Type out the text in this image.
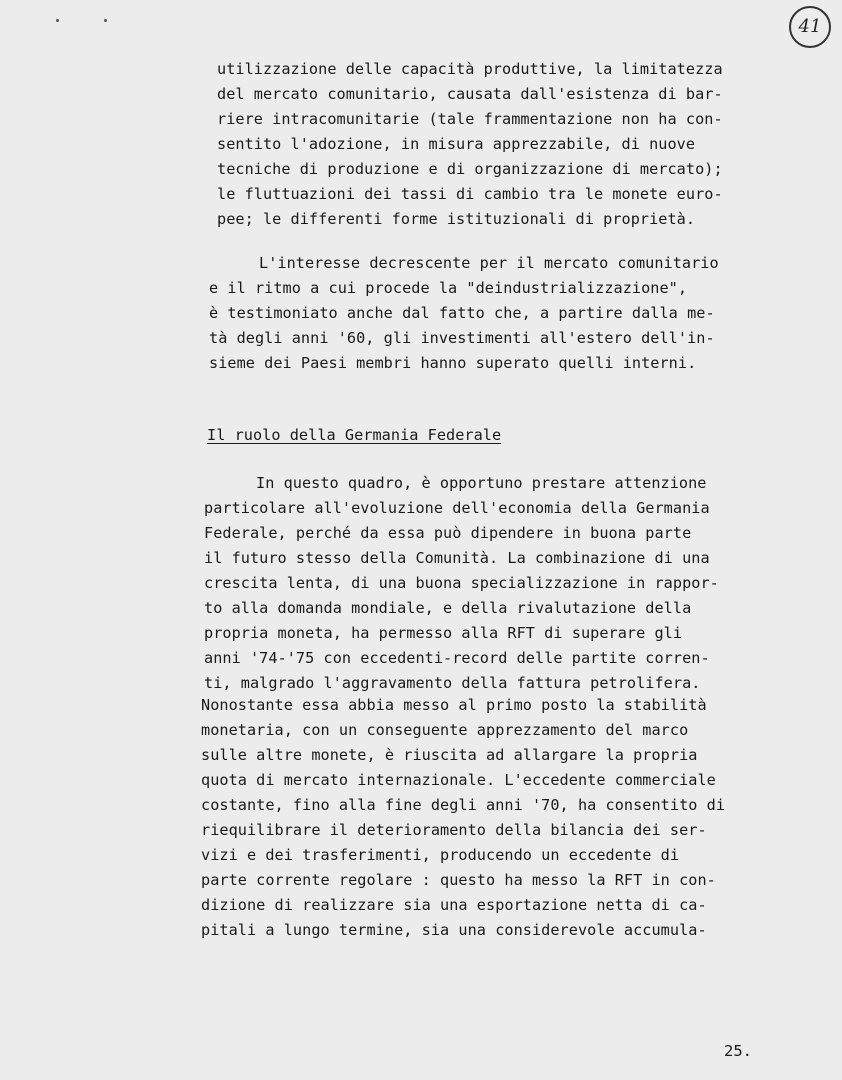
41
utilizzazione delle capacità produttive, la limitatezza
del mercato comunitario, causata dall'esistenza di bar-
riere intracomunitarie (tale frammentazione non ha con-
sentito l'adozione, in misura apprezzabile, di nuove
tecniche di produzione e di organizzazione di mercato);
le fluttuazioni dei tassi di cambio tra le monete euro-
pee; le differenti forme istituzionali di proprietà.
L'interesse decrescente per il mercato comunitario
e il ritmo a cui procede la "deindustrializzazione",
è testimoniato anche dal fatto che, a partire dalla me-
tà degli anni '60, gli investimenti all'estero dell'in-
sieme dei Paesi membri hanno superato quelli interni.
Il ruolo della Germania Federale
In questo quadro, è opportuno prestare attenzione
particolare all'evoluzione dell'economia della Germania
Federale, perché da essa può dipendere in buona parte
il futuro stesso della Comunità. La combinazione di una
crescita lenta, di una buona specializzazione in rappor-
to alla domanda mondiale, e della rivalutazione della
propria moneta, ha permesso alla RFT di superare gli
anni '74-'75 con eccedenti-record delle partite corren-
ti, malgrado l'aggravamento della fattura petrolifera.
Nonostante essa abbia messo al primo posto la stabilità
monetaria, con un conseguente apprezzamento del marco
sulle altre monete, è riuscita ad allargare la propria
quota di mercato internazionale. L'eccedente commerciale
costante, fino alla fine degli anni '70, ha consentito di
riequilibrare il deterioramento della bilancia dei ser-
vizi e dei trasferimenti, producendo un eccedente di
parte corrente regolare : questo ha messo la RFT in con-
dizione di realizzare sia una esportazione netta di ca-
pitali a lungo termine, sia una considerevole accumula-
25.
